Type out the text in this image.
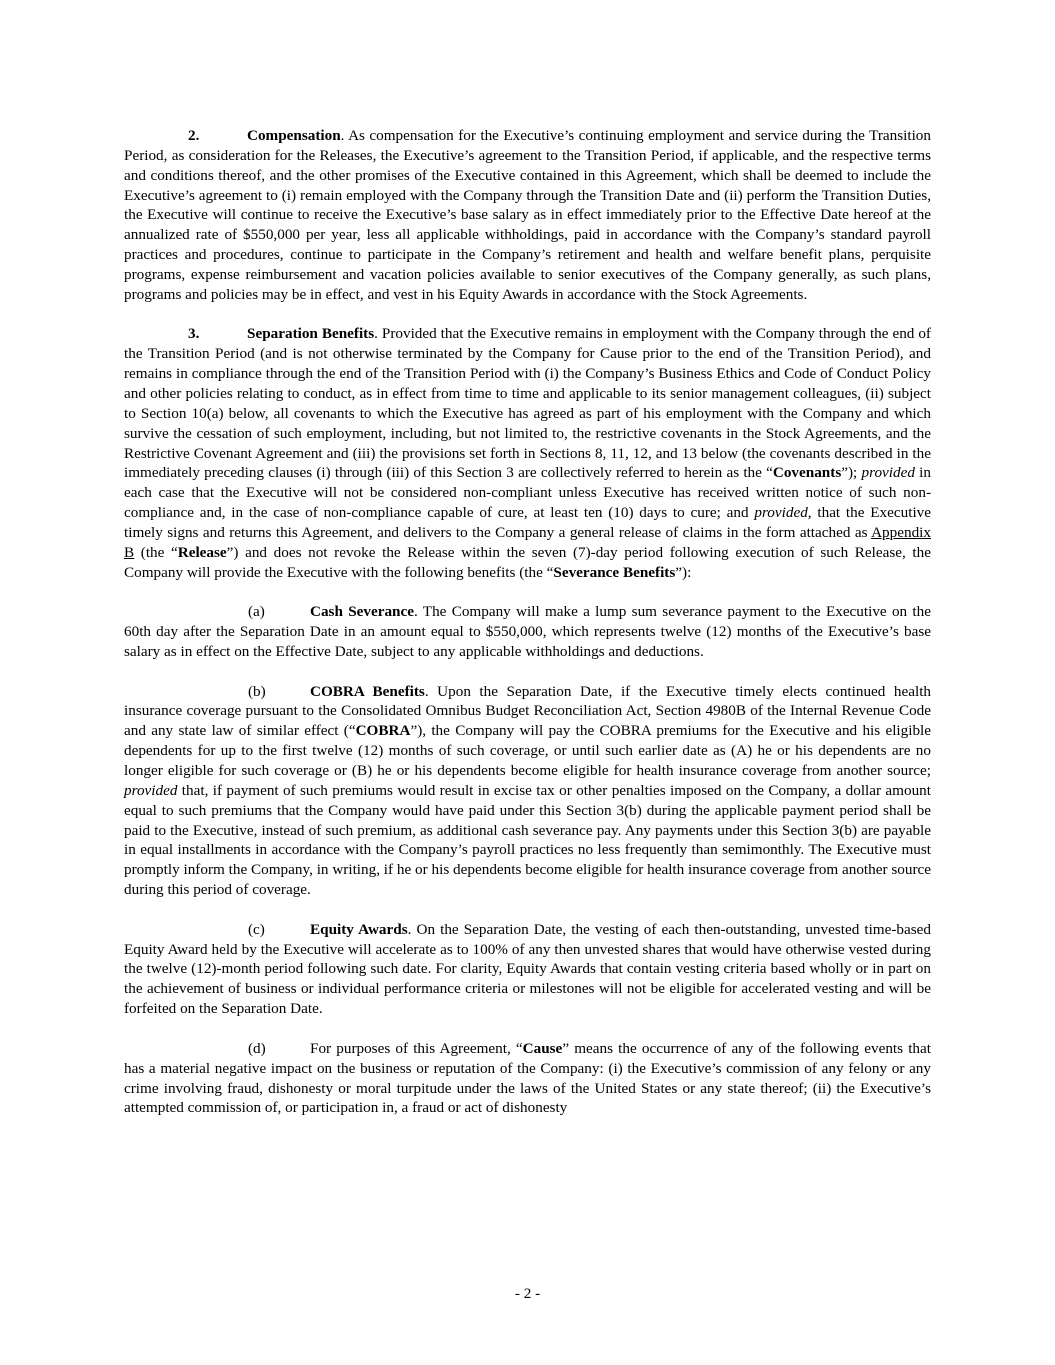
2.	Compensation. As compensation for the Executive’s continuing employment and service during the Transition Period, as consideration for the Releases, the Executive’s agreement to the Transition Period, if applicable, and the respective terms and conditions thereof, and the other promises of the Executive contained in this Agreement, which shall be deemed to include the Executive’s agreement to (i) remain employed with the Company through the Transition Date and (ii) perform the Transition Duties, the Executive will continue to receive the Executive’s base salary as in effect immediately prior to the Effective Date hereof at the annualized rate of $550,000 per year, less all applicable withholdings, paid in accordance with the Company’s standard payroll practices and procedures, continue to participate in the Company’s retirement and health and welfare benefit plans, perquisite programs, expense reimbursement and vacation policies available to senior executives of the Company generally, as such plans, programs and policies may be in effect, and vest in his Equity Awards in accordance with the Stock Agreements.

3.	Separation Benefits. Provided that the Executive remains in employment with the Company through the end of the Transition Period (and is not otherwise terminated by the Company for Cause prior to the end of the Transition Period), and remains in compliance through the end of the Transition Period with (i) the Company’s Business Ethics and Code of Conduct Policy and other policies relating to conduct, as in effect from time to time and applicable to its senior management colleagues, (ii) subject to Section 10(a) below, all covenants to which the Executive has agreed as part of his employment with the Company and which survive the cessation of such employment, including, but not limited to, the restrictive covenants in the Stock Agreements, and the Restrictive Covenant Agreement and (iii) the provisions set forth in Sections 8, 11, 12, and 13 below (the covenants described in the immediately preceding clauses (i) through (iii) of this Section 3 are collectively referred to herein as the “Covenants”); provided in each case that the Executive will not be considered non-compliant unless Executive has received written notice of such non-compliance and, in the case of non-compliance capable of cure, at least ten (10) days to cure; and provided, that the Executive timely signs and returns this Agreement, and delivers to the Company a general release of claims in the form attached as Appendix B (the “Release”) and does not revoke the Release within the seven (7)-day period following execution of such Release, the Company will provide the Executive with the following benefits (the “Severance Benefits”):

(a)	Cash Severance. The Company will make a lump sum severance payment to the Executive on the 60th day after the Separation Date in an amount equal to $550,000, which represents twelve (12) months of the Executive’s base salary as in effect on the Effective Date, subject to any applicable withholdings and deductions.

(b)	COBRA Benefits. Upon the Separation Date, if the Executive timely elects continued health insurance coverage pursuant to the Consolidated Omnibus Budget Reconciliation Act, Section 4980B of the Internal Revenue Code and any state law of similar effect (“COBRA”), the Company will pay the COBRA premiums for the Executive and his eligible dependents for up to the first twelve (12) months of such coverage, or until such earlier date as (A) he or his dependents are no longer eligible for such coverage or (B) he or his dependents become eligible for health insurance coverage from another source; provided that, if payment of such premiums would result in excise tax or other penalties imposed on the Company, a dollar amount equal to such premiums that the Company would have paid under this Section 3(b) during the applicable payment period shall be paid to the Executive, instead of such premium, as additional cash severance pay. Any payments under this Section 3(b) are payable in equal installments in accordance with the Company’s payroll practices no less frequently than semimonthly. The Executive must promptly inform the Company, in writing, if he or his dependents become eligible for health insurance coverage from another source during this period of coverage.

(c)	Equity Awards. On the Separation Date, the vesting of each then-outstanding, unvested time-based Equity Award held by the Executive will accelerate as to 100% of any then unvested shares that would have otherwise vested during the twelve (12)-month period following such date. For clarity, Equity Awards that contain vesting criteria based wholly or in part on the achievement of business or individual performance criteria or milestones will not be eligible for accelerated vesting and will be forfeited on the Separation Date.

(d)	For purposes of this Agreement, “Cause” means the occurrence of any of the following events that has a material negative impact on the business or reputation of the Company: (i) the Executive’s commission of any felony or any crime involving fraud, dishonesty or moral turpitude under the laws of the United States or any state thereof; (ii) the Executive’s attempted commission of, or participation in, a fraud or act of dishonesty

- 2 -
